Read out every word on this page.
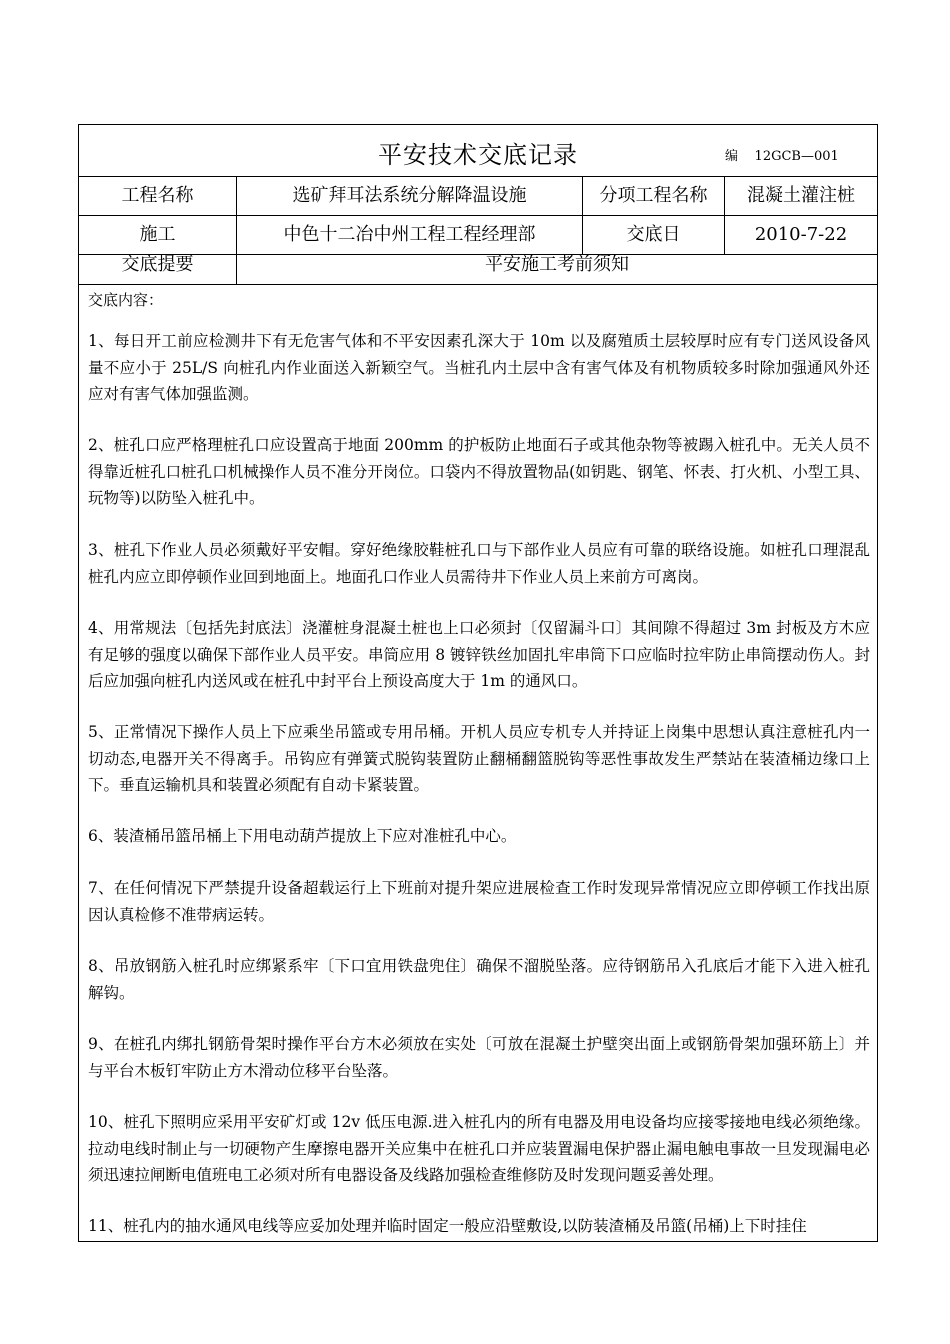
平安技术交底记录	编 12GCB—001
工程名称	选矿拜耳法系统分解降温设施	分项工程名称	混凝土灌注桩
施工	中色十二冶中州工程工程经理部	交底日	2010-7-22
交底提要	平安施工考前须知
交底内容：

1、每日开工前应检测井下有无危害气体和不平安因素孔深大于 10m 以及腐殖质土层较厚时应有专门送风设备风量不应小于 25L/S 向桩孔内作业面送入新颖空气。当桩孔内土层中含有害气体及有机物质较多时除加强通风外还应对有害气体加强监测。

2、桩孔口应严格理桩孔口应设置高于地面 200mm 的护板防止地面石子或其他杂物等被踢入桩孔中。无关人员不得靠近桩孔口桩孔口机械操作人员不准分开岗位。口袋内不得放置物品(如钥匙、钢笔、怀表、打火机、小型工具、玩物等)以防坠入桩孔中。

3、桩孔下作业人员必须戴好平安帽。穿好绝缘胶鞋桩孔口与下部作业人员应有可靠的联络设施。如桩孔口理混乱桩孔内应立即停顿作业回到地面上。地面孔口作业人员需待井下作业人员上来前方可离岗。

4、用常规法〔包括先封底法〕浇灌桩身混凝土桩也上口必须封〔仅留漏斗口〕其间隙不得超过 3m 封板及方木应有足够的强度以确保下部作业人员平安。串筒应用 8 镀锌铁丝加固扎牢串筒下口应临时拉牢防止串筒摆动伤人。封后应加强向桩孔内送风或在桩孔中封平台上预设高度大于 1m 的通风口。

5、正常情况下操作人员上下应乘坐吊篮或专用吊桶。开机人员应专机专人并持证上岗集中思想认真注意桩孔内一切动态,电器开关不得离手。吊钩应有弹簧式脱钩装置防止翻桶翻篮脱钩等恶性事故发生严禁站在装渣桶边缘口上下。垂直运输机具和装置必须配有自动卡紧装置。

6、装渣桶吊篮吊桶上下用电动葫芦提放上下应对准桩孔中心。

7、在任何情况下严禁提升设备超载运行上下班前对提升架应进展检查工作时发现异常情况应立即停顿工作找出原因认真检修不准带病运转。

8、吊放钢筋入桩孔时应绑紧系牢〔下口宜用铁盘兜住〕确保不溜脱坠落。应待钢筋吊入孔底后才能下入进入桩孔解钩。

9、在桩孔内绑扎钢筋骨架时操作平台方木必须放在实处〔可放在混凝土护壁突出面上或钢筋骨架加强环筋上〕并与平台木板钉牢防止方木滑动位移平台坠落。

10、桩孔下照明应采用平安矿灯或 12v 低压电源.进入桩孔内的所有电器及用电设备均应接零接地电线必须绝缘。拉动电线时制止与一切硬物产生摩擦电器开关应集中在桩孔口并应装置漏电保护器止漏电触电事故一旦发现漏电必须迅速拉闸断电值班电工必须对所有电器设备及线路加强检查维修防及时发现问题妥善处理。

11、桩孔内的抽水通风电线等应妥加处理并临时固定一般应沿壁敷设,以防装渣桶及吊篮(吊桶)上下时挂住
